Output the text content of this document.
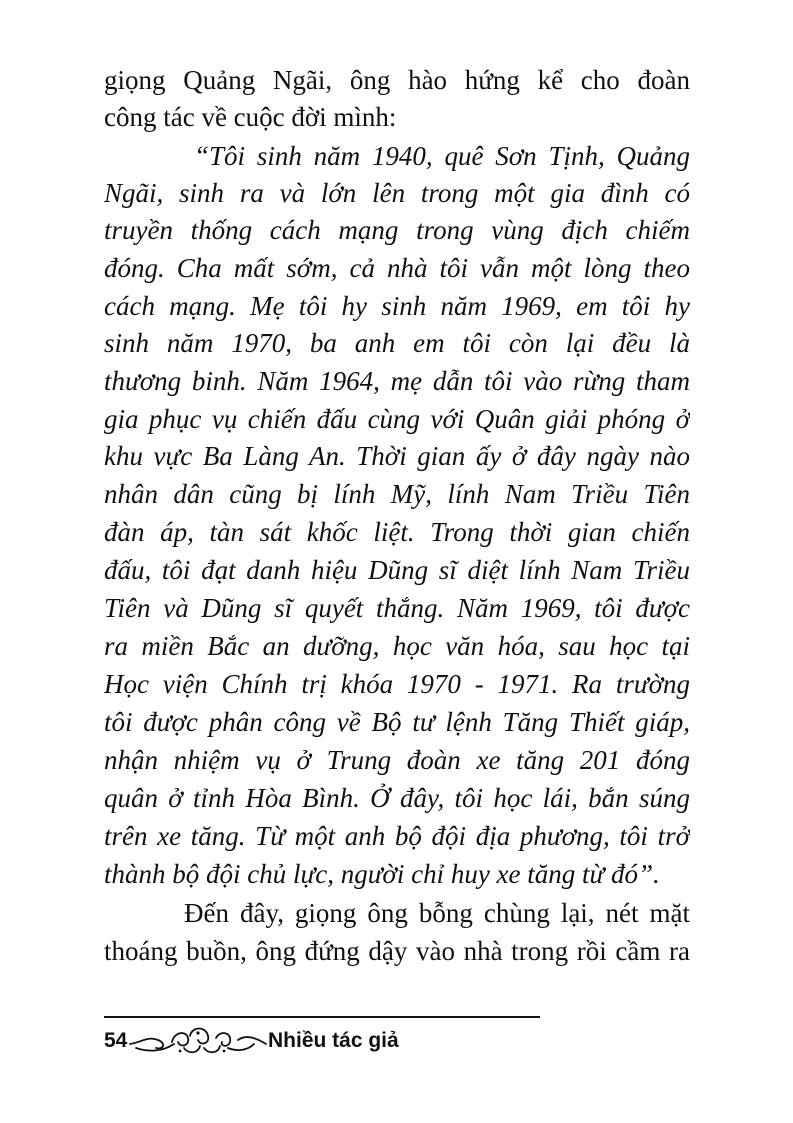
giọng Quảng Ngãi, ông hào hứng kể cho đoàn
công tác về cuộc đời mình:
“Tôi sinh năm 1940, quê Sơn Tịnh, Quảng
Ngãi, sinh ra và lớn lên trong một gia đình có
truyền thống cách mạng trong vùng địch chiếm
đóng. Cha mất sớm, cả nhà tôi vẫn một lòng theo
cách mạng. Mẹ tôi hy sinh năm 1969, em tôi hy
sinh năm 1970, ba anh em tôi còn lại đều là
thương binh. Năm 1964, mẹ dẫn tôi vào rừng tham
gia phục vụ chiến đấu cùng với Quân giải phóng ở
khu vực Ba Làng An. Thời gian ấy ở đây ngày nào
nhân dân cũng bị lính Mỹ, lính Nam Triều Tiên
đàn áp, tàn sát khốc liệt. Trong thời gian chiến
đấu, tôi đạt danh hiệu Dũng sĩ diệt lính Nam Triều
Tiên và Dũng sĩ quyết thắng. Năm 1969, tôi được
ra miền Bắc an dưỡng, học văn hóa, sau học tại
Học viện Chính trị khóa 1970 - 1971. Ra trường
tôi được phân công về Bộ tư lệnh Tăng Thiết giáp,
nhận nhiệm vụ ở Trung đoàn xe tăng 201 đóng
quân ở tỉnh Hòa Bình. Ở đây, tôi học lái, bắn súng
trên xe tăng. Từ một anh bộ đội địa phương, tôi trở
thành bộ đội chủ lực, người chỉ huy xe tăng từ đó”.
Đến đây, giọng ông bỗng chùng lại, nét mặt
thoáng buồn, ông đứng dậy vào nhà trong rồi cầm ra
54	Nhiều tác giả
